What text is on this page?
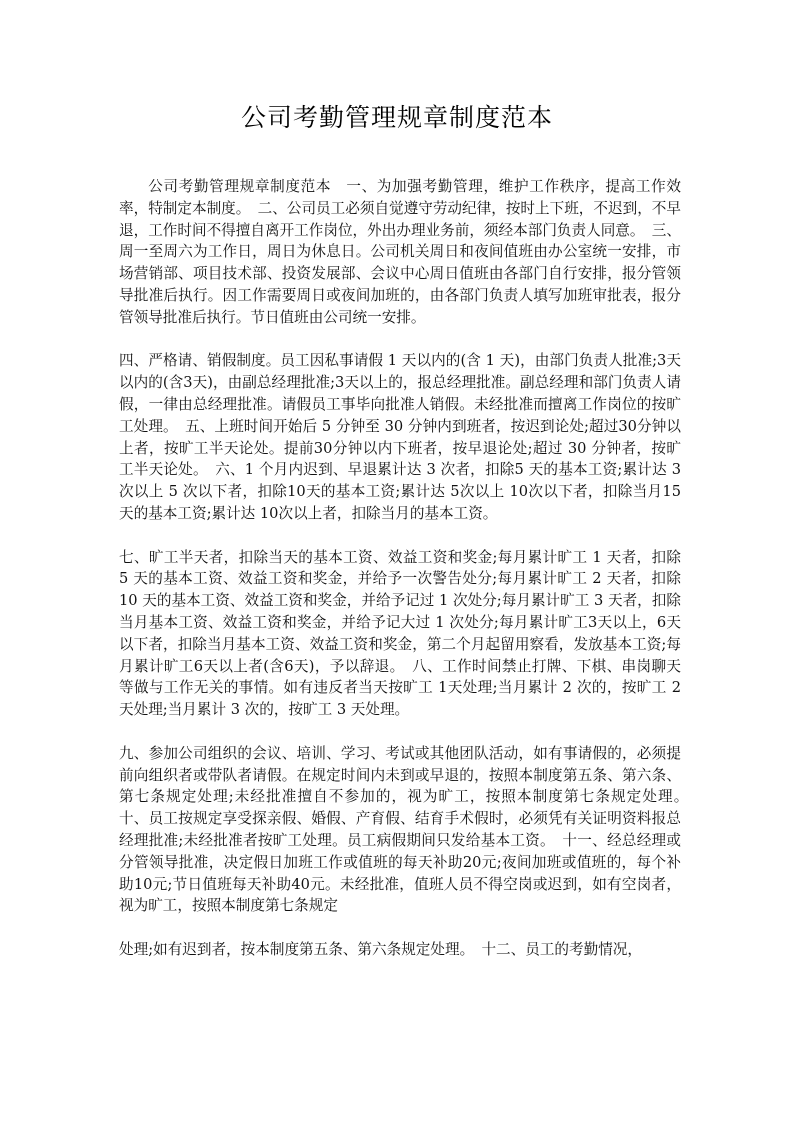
公司考勤管理规章制度范本

公司考勤管理规章制度范本　一、为加强考勤管理，维护工作秩序，提高工作效率，特制定本制度。　二、公司员工必须自觉遵守劳动纪律，按时上下班，不迟到，不早退，工作时间不得擅自离开工作岗位，外出办理业务前，须经本部门负责人同意。　三、周一至周六为工作日，周日为休息日。公司机关周日和夜间值班由办公室统一安排，市场营销部、项目技术部、投资发展部、会议中心周日值班由各部门自行安排，报分管领导批准后执行。因工作需要周日或夜间加班的，由各部门负责人填写加班审批表，报分管领导批准后执行。节日值班由公司统一安排。

四、严格请、销假制度。员工因私事请假 1 天以内的(含 1 天)，由部门负责人批准;3天以内的(含3天)，由副总经理批准;3天以上的，报总经理批准。副总经理和部门负责人请假，一律由总经理批准。请假员工事毕向批准人销假。未经批准而擅离工作岗位的按旷工处理。　五、上班时间开始后 5 分钟至 30 分钟内到班者，按迟到论处;超过30分钟以上者，按旷工半天论处。提前30分钟以内下班者，按早退论处;超过 30 分钟者，按旷工半天论处。　六、1 个月内迟到、早退累计达 3 次者，扣除5 天的基本工资;累计达 3 次以上 5 次以下者，扣除10天的基本工资;累计达 5次以上 10次以下者，扣除当月15天的基本工资;累计达 10次以上者，扣除当月的基本工资。

七、旷工半天者，扣除当天的基本工资、效益工资和奖金;每月累计旷工 1 天者，扣除 5 天的基本工资、效益工资和奖金，并给予一次警告处分;每月累计旷工 2 天者，扣除 10 天的基本工资、效益工资和奖金，并给予记过 1 次处分;每月累计旷工 3 天者，扣除当月基本工资、效益工资和奖金，并给予记大过 1 次处分;每月累计旷工3天以上，6天以下者，扣除当月基本工资、效益工资和奖金，第二个月起留用察看，发放基本工资;每月累计旷工6天以上者(含6天)，予以辞退。　八、工作时间禁止打牌、下棋、串岗聊天等做与工作无关的事情。如有违反者当天按旷工 1天处理;当月累计 2 次的，按旷工 2 天处理;当月累计 3 次的，按旷工 3 天处理。

九、参加公司组织的会议、培训、学习、考试或其他团队活动，如有事请假的，必须提前向组织者或带队者请假。在规定时间内未到或早退的，按照本制度第五条、第六条、第七条规定处理;未经批准擅自不参加的，视为旷工，按照本制度第七条规定处理。　十、员工按规定享受探亲假、婚假、产育假、结育手术假时，必须凭有关证明资料报总经理批准;未经批准者按旷工处理。员工病假期间只发给基本工资。　十一、经总经理或分管领导批准，决定假日加班工作或值班的每天补助20元;夜间加班或值班的，每个补助10元;节日值班每天补助40元。未经批准，值班人员不得空岗或迟到，如有空岗者，视为旷工，按照本制度第七条规定

处理;如有迟到者，按本制度第五条、第六条规定处理。　十二、员工的考勤情况，
